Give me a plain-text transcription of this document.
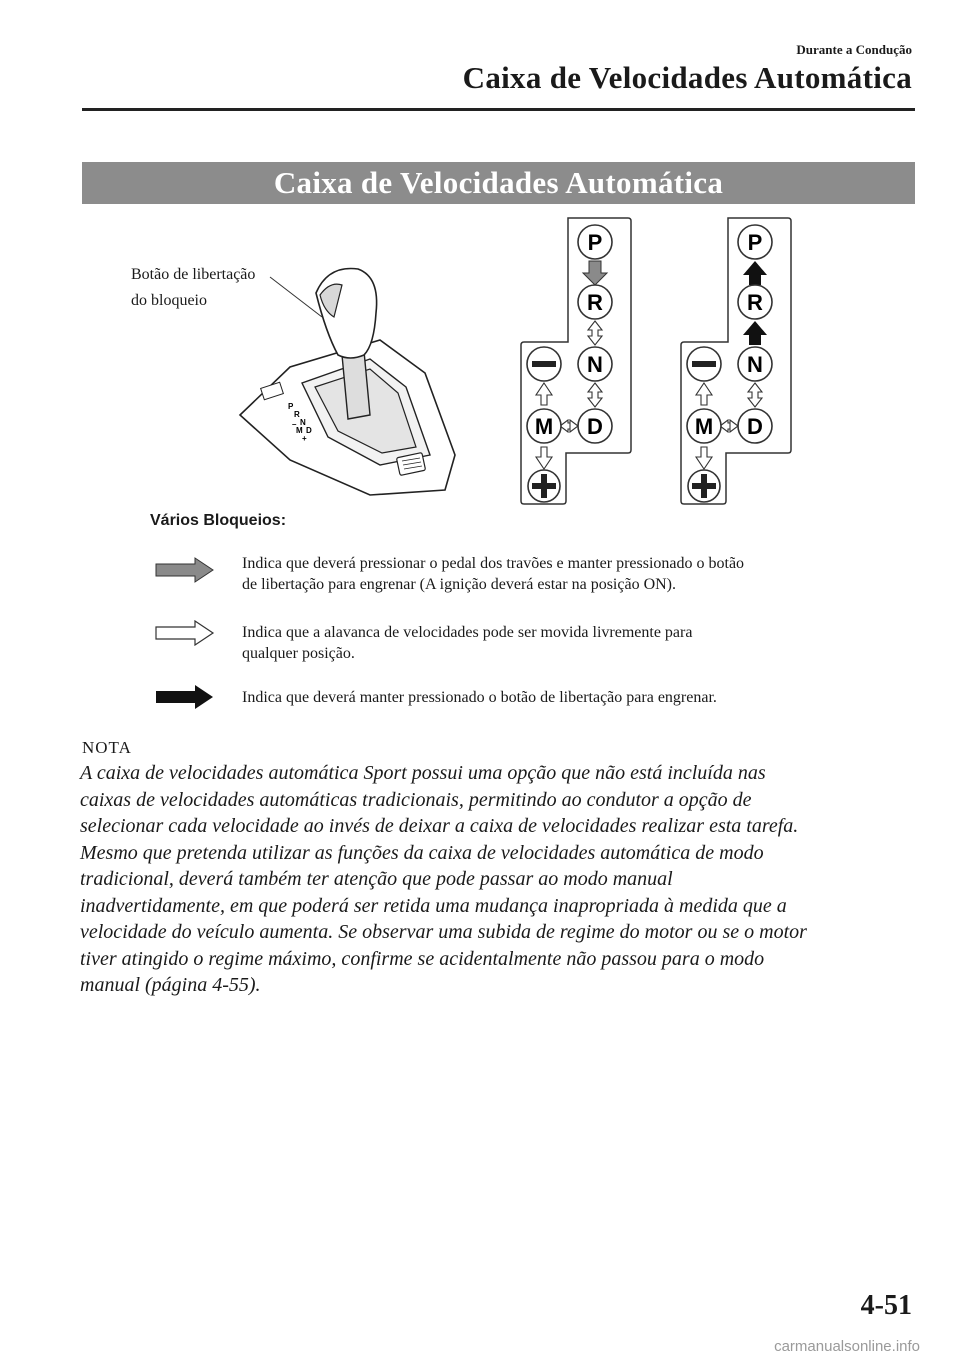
Durante a Condução
Caixa de Velocidades Automática
Caixa de Velocidades Automática
Botão de libertação
do bloqueio
P
R
N
M D
–
+
P
R
N
D
M
P
R
N
D
M
Vários Bloqueios:
Indica que deverá pressionar o pedal dos travões e manter pressionado o botão
de libertação para engrenar (A ignição deverá estar na posição ON).
Indica que a alavanca de velocidades pode ser movida livremente para
qualquer posição.
Indica que deverá manter pressionado o botão de libertação para engrenar.
NOTA
A caixa de velocidades automática Sport possui uma opção que não está incluída nas
caixas de velocidades automáticas tradicionais, permitindo ao condutor a opção de
selecionar cada velocidade ao invés de deixar a caixa de velocidades realizar esta tarefa.
Mesmo que pretenda utilizar as funções da caixa de velocidades automática de modo
tradicional, deverá também ter atenção que pode passar ao modo manual
inadvertidamente, em que poderá ser retida uma mudança inapropriada à medida que a
velocidade do veículo aumenta. Se observar uma subida de regime do motor ou se o motor
tiver atingido o regime máximo, confirme se acidentalmente não passou para o modo
manual (página 4-55).
4-51
carmanualsonline.info
